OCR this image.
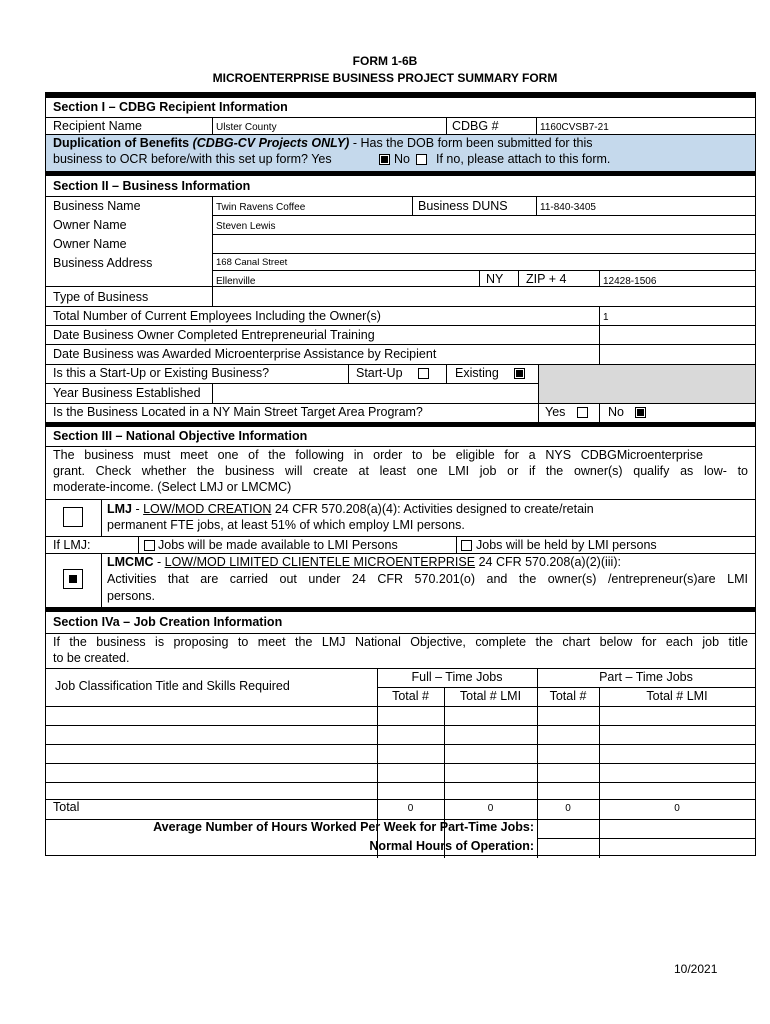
FORM 1-6B
MICROENTERPRISE BUSINESS PROJECT SUMMARY FORM
Section I – CDBG Recipient Information
Recipient Name	Ulster County	CDBG #	1160CVSB7-21
Duplication of Benefits (CDBG-CV Projects ONLY) - Has the DOB form been submitted for this
business to OCR before/with this set up form? Yes	No If no, please attach to this form.
Section II – Business Information
Business Name	Twin Ravens Coffee	Business DUNS	11-840-3405
Owner Name	Steven Lewis
Owner Name
Business Address	168 Canal Street
Ellenville	NY ZIP + 4	12428-1506
Type of Business
Total Number of Current Employees Including the Owner(s)	1
Date Business Owner Completed Entrepreneurial Training
Date Business was Awarded Microenterprise Assistance by Recipient
Is this a Start-Up or Existing Business?	Start-Up	Existing
Year Business Established
Is the Business Located in a NY Main Street Target Area Program?	Yes	No
Section III – National Objective Information
The business must meet one of the following in order to be eligible for a NYS CDBGMicroenterprise
grant. Check whether the business will create at least one LMI job or if the owner(s) qualify as low- to
moderate-income. (Select LMJ or LMCMC)
LMJ - LOW/MOD CREATION 24 CFR 570.208(a)(4): Activities designed to create/retain
permanent FTE jobs, at least 51% of which employ LMI persons.
If LMJ:	Jobs will be made available to LMI Persons	Jobs will be held by LMI persons
LMCMC - LOW/MOD LIMITED CLIENTELE MICROENTERPRISE 24 CFR 570.208(a)(2)(iii):
Activities that are carried out under 24 CFR 570.201(o) and the owner(s) /entrepreneur(s)are LMI
persons.
Section IVa – Job Creation Information
If the business is proposing to meet the LMJ National Objective, complete the chart below for each job title
to be created.
Job Classification Title and Skills Required
Full – Time Jobs	Part – Time Jobs
Total #	Total # LMI	Total #	Total # LMI
Total	0	0	0	0
Average Number of Hours Worked Per Week for Part-Time Jobs:
Normal Hours of Operation:
10/2021
